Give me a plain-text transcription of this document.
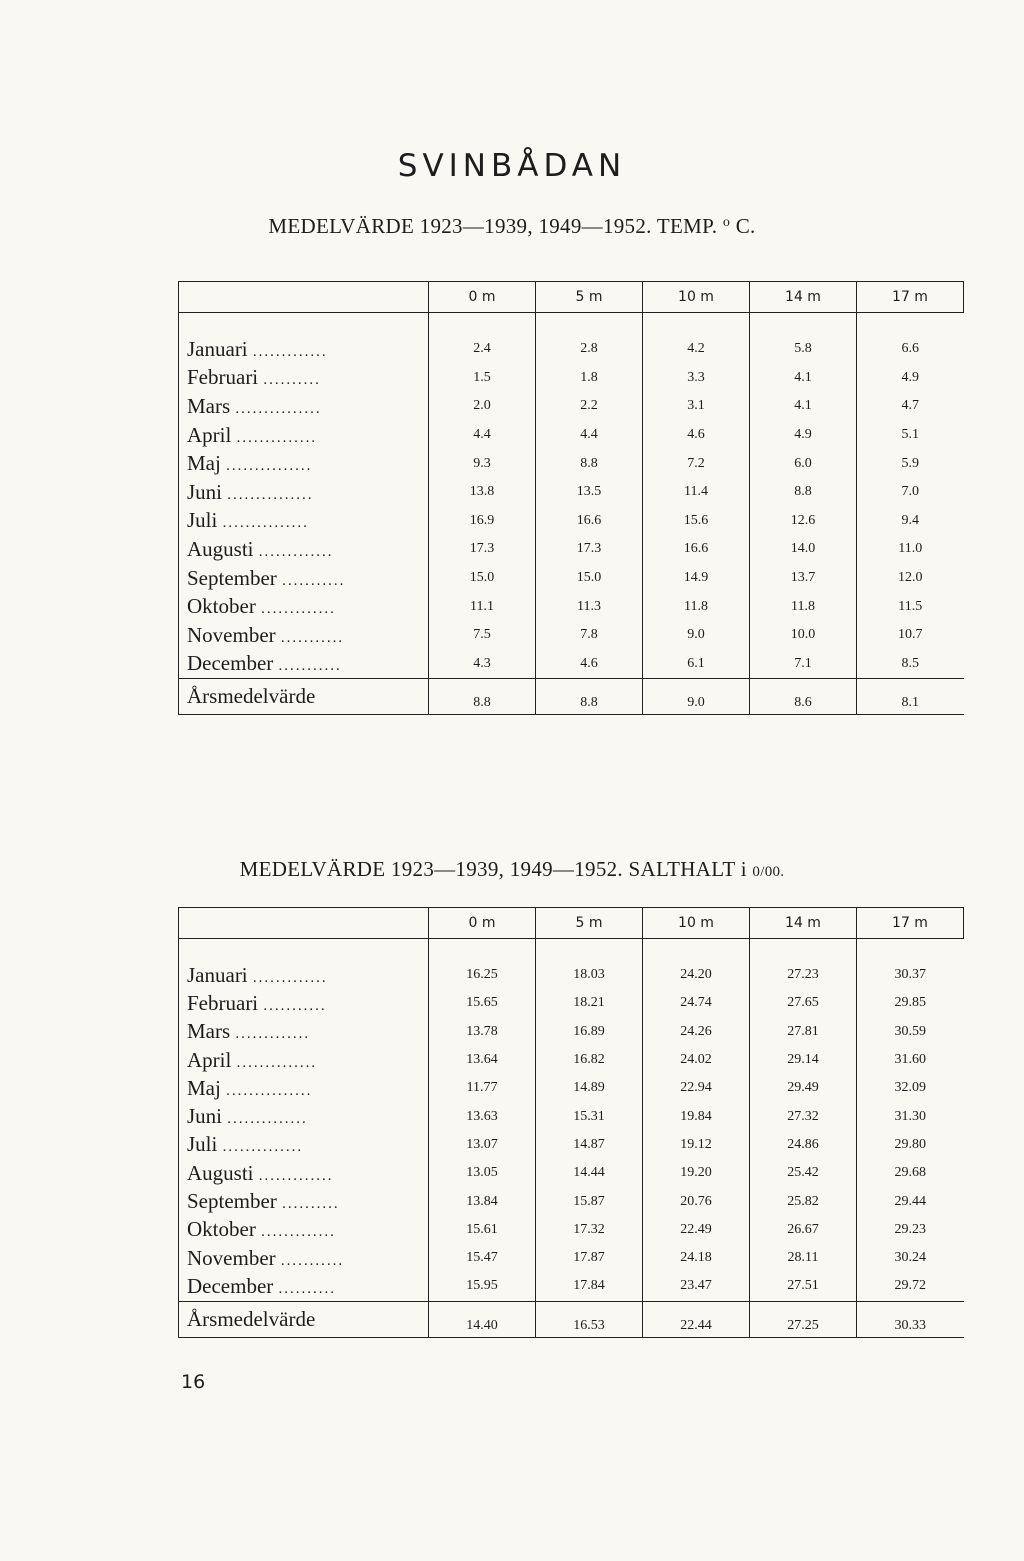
SVINBÅDAN
MEDELVÄRDE 1923—1939, 1949—1952. TEMP. $^o$ C.
	0 m	5 m	10 m	14 m	17 m

Januari .............	2.4	2.8	4.2	5.8	6.6
Februari ..........	1.5	1.8	3.3	4.1	4.9
Mars ...............	2.0	2.2	3.1	4.1	4.7
April ..............	4.4	4.4	4.6	4.9	5.1
Maj ...............	9.3	8.8	7.2	6.0	5.9
Juni ...............	13.8	13.5	11.4	8.8	7.0
Juli ...............	16.9	16.6	15.6	12.6	9.4
Augusti .............	17.3	17.3	16.6	14.0	11.0
September ...........	15.0	15.0	14.9	13.7	12.0
Oktober .............	11.1	11.3	11.8	11.8	11.5
November ...........	7.5	7.8	9.0	10.0	10.7
December ...........	4.3	4.6	6.1	7.1	8.5
Årsmedelvärde	8.8	8.8	9.0	8.6	8.1
MEDELVÄRDE 1923—1939, 1949—1952. SALTHALT i 0/00.
	0 m	5 m	10 m	14 m	17 m

Januari .............	16.25	18.03	24.20	27.23	30.37
Februari ...........	15.65	18.21	24.74	27.65	29.85
Mars .............	13.78	16.89	24.26	27.81	30.59
April ..............	13.64	16.82	24.02	29.14	31.60
Maj ...............	11.77	14.89	22.94	29.49	32.09
Juni ..............	13.63	15.31	19.84	27.32	31.30
Juli ..............	13.07	14.87	19.12	24.86	29.80
Augusti .............	13.05	14.44	19.20	25.42	29.68
September ..........	13.84	15.87	20.76	25.82	29.44
Oktober .............	15.61	17.32	22.49	26.67	29.23
November ...........	15.47	17.87	24.18	28.11	30.24
December ..........	15.95	17.84	23.47	27.51	29.72
Årsmedelvärde	14.40	16.53	22.44	27.25	30.33
16
